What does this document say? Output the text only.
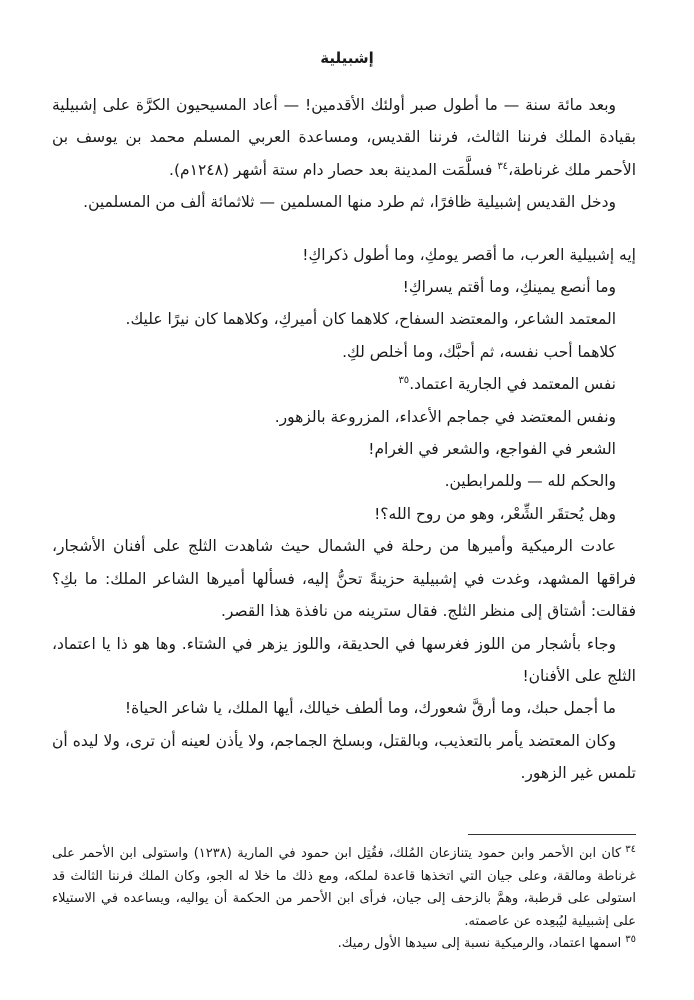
إشبيلية

وبعد مائة سنة — ما أطول صبر أولئك الأقدمين! — أعاد المسيحيون الكرَّة على إشبيلية بقيادة الملك فرننا الثالث، فرننا القديس، ومساعدة العربي المسلم محمد بن يوسف بن الأحمر ملك غرناطة،$^{٣٤}$ فسلَّمَت المدينة بعد حصار دام ستة أشهر (١٢٤٨م).

ودخل القديس إشبيلية ظافرًا، ثم طرد منها المسلمين — ثلاثمائة ألف من المسلمين.

إيه إشبيلية العرب، ما أقصر يومكِ، وما أطول ذكراكِ!

وما أنصع يمينكِ، وما أقتم يسراكِ!

المعتمد الشاعر، والمعتضد السفاح، كلاهما كان أميركِ، وكلاهما كان نيرًا عليك.

كلاهما أحب نفسه، ثم أحبَّك، وما أخلص لكِ.

نفس المعتمد في الجارية اعتماد.$^{٣٥}$

ونفس المعتضد في جماجم الأعداء، المزروعة بالزهور.

الشعر في الفواجع، والشعر في الغرام!

والحكم لله — وللمرابطين.

وهل يُحتقَر الشِّعْر، وهو من روح الله؟!

عادت الرميكية وأميرها من رحلة في الشمال حيث شاهدت الثلج على أفنان الأشجار، فراقها المشهد، وغدت في إشبيلية حزينةً تحنُّ إليه، فسألها أميرها الشاعر الملك: ما بكِ؟ فقالت: أشتاق إلى منظر الثلج. فقال سترينه من نافذة هذا القصر.

وجاء بأشجار من اللوز فغرسها في الحديقة، واللوز يزهر في الشتاء. وها هو ذا يا اعتماد، الثلج على الأفنان!

ما أجمل حبك، وما أرقَّ شعورك، وما ألطف خيالك، أيها الملك، يا شاعر الحياة!

وكان المعتضد يأمر بالتعذيب، وبالقتل، وبسلخ الجماجم، ولا يأذن لعينه أن ترى، ولا ليده أن تلمس غير الزهور.

$^{٣٤}$كان ابن الأحمر وابن حمود يتنازعان المُلك، فقُتِل ابن حمود في المارية (١٢٣٨) واستولى ابن الأحمر على غرناطة ومالقة، وعلى جيان التي اتخذها قاعدة لملكه، ومع ذلك ما خلا له الجو، وكان الملك فرننا الثالث قد استولى على قرطبة، وهمَّ بالزحف إلى جيان، فرأى ابن الأحمر من الحكمة أن يواليه، ويساعده في الاستيلاء على إشبيلية ليُبعِده عن عاصمته.

$^{٣٥}$اسمها اعتماد، والرميكية نسبة إلى سيدها الأول رميك.
